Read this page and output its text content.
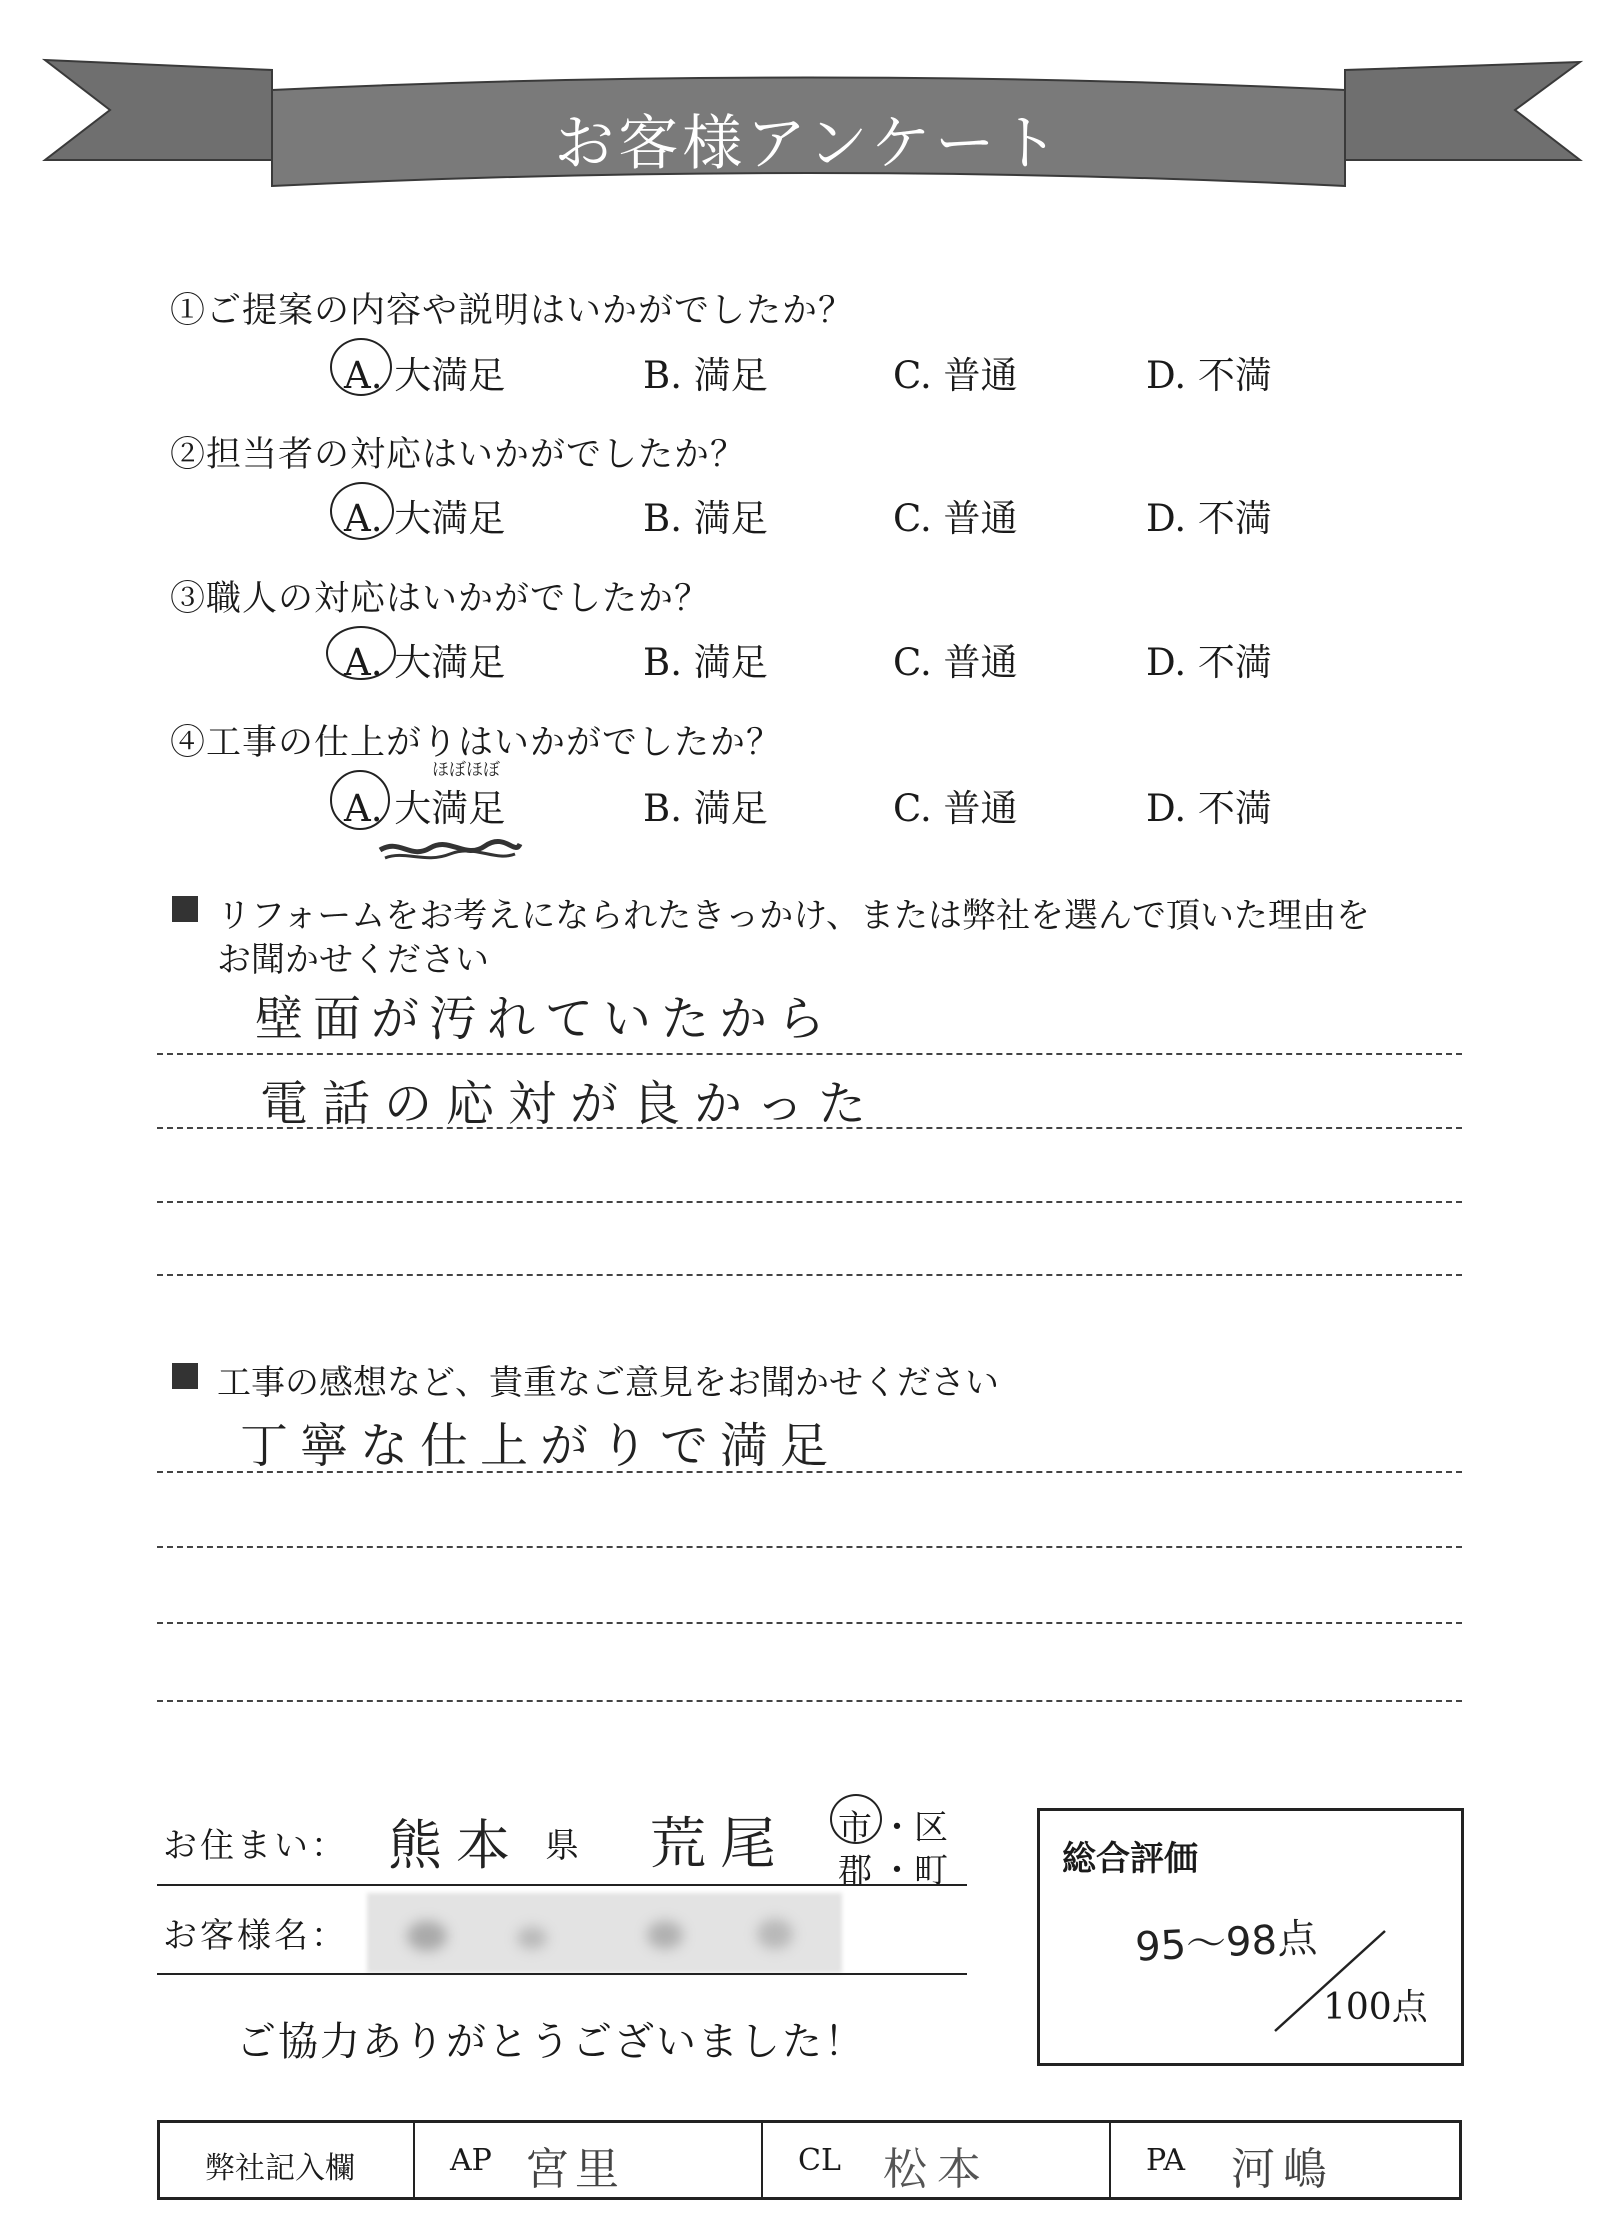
お客様アンケート
①ご提案の内容や説明はいかがでしたか？
A. 大満足	B. 満足	C. 普通	D. 不満
②担当者の対応はいかがでしたか？
A. 大満足	B. 満足	C. 普通	D. 不満
③職人の対応はいかがでしたか？
A. 大満足	B. 満足	C. 普通	D. 不満
④工事の仕上がりはいかがでしたか？
A. 大満足	B. 満足	C. 普通	D. 不満
ほぼほぼ
リフォームをお考えになられたきっかけ、または弊社を選んで頂いた理由を
お聞かせください
壁面が汚れていたから
電話の応対が良かった
工事の感想など、貴重なご意見をお聞かせください
丁寧な仕上がりで満足
お住まい： 熊本 県 荒尾 市 ・区
郡 ・町
お客様名：
ご協力ありがとうございました！
総合評価
95〜98点
100点
弊社記入欄	AP 宮里	CL 松本	PA 河嶋
